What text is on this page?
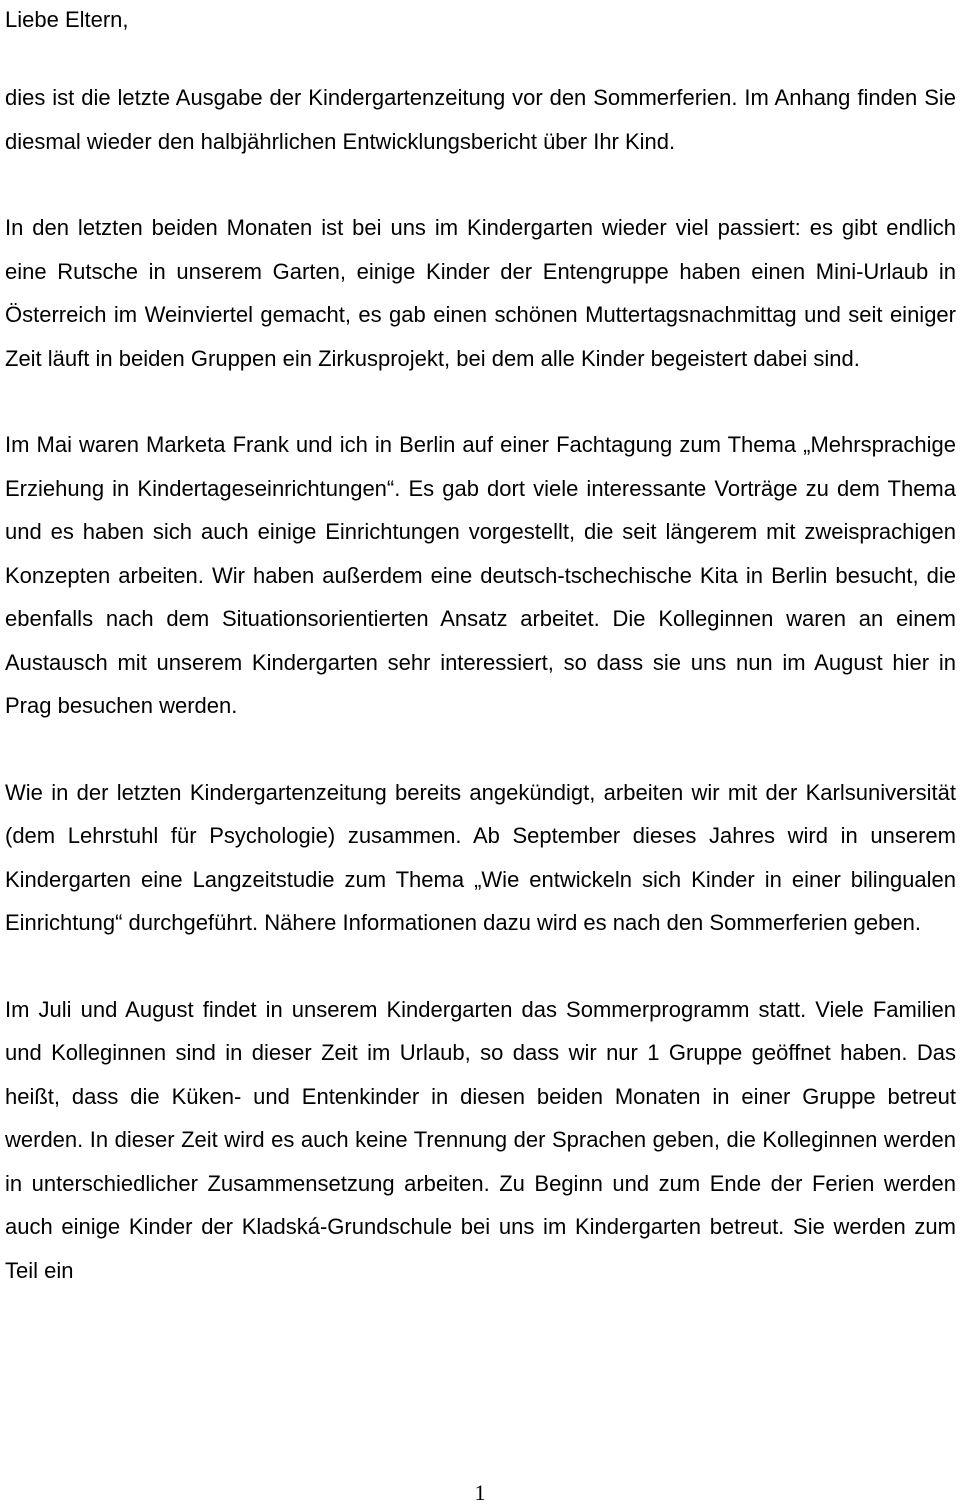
Liebe Eltern,

dies ist die letzte Ausgabe der Kindergartenzeitung vor den Sommerferien. Im Anhang finden Sie diesmal wieder den halbjährlichen Entwicklungsbericht über Ihr Kind.

In den letzten beiden Monaten ist bei uns im Kindergarten wieder viel passiert: es gibt endlich eine Rutsche in unserem Garten, einige Kinder der Entengruppe haben einen Mini-Urlaub in Österreich im Weinviertel gemacht, es gab einen schönen Muttertagsnachmittag und seit einiger Zeit läuft in beiden Gruppen ein Zirkusprojekt, bei dem alle Kinder begeistert dabei sind.

Im Mai waren Marketa Frank und ich in Berlin auf einer Fachtagung zum Thema „Mehrsprachige Erziehung in Kindertageseinrichtungen“. Es gab dort viele interessante Vorträge zu dem Thema und es haben sich auch einige Einrichtungen vorgestellt, die seit längerem mit zweisprachigen Konzepten arbeiten. Wir haben außerdem eine deutsch-tschechische Kita in Berlin besucht, die ebenfalls nach dem Situationsorientierten Ansatz arbeitet. Die Kolleginnen waren an einem Austausch mit unserem Kindergarten sehr interessiert, so dass sie uns nun im August hier in Prag besuchen werden.

Wie in der letzten Kindergartenzeitung bereits angekündigt, arbeiten wir mit der Karlsuniversität (dem Lehrstuhl für Psychologie) zusammen. Ab September dieses Jahres wird in unserem Kindergarten eine Langzeitstudie zum Thema „Wie entwickeln sich Kinder in einer bilingualen Einrichtung“ durchgeführt. Nähere Informationen dazu wird es nach den Sommerferien geben.

Im Juli und August findet in unserem Kindergarten das Sommerprogramm statt. Viele Familien und Kolleginnen sind in dieser Zeit im Urlaub, so dass wir nur 1 Gruppe geöffnet haben. Das heißt, dass die Küken- und Entenkinder in diesen beiden Monaten in einer Gruppe betreut werden. In dieser Zeit wird es auch keine Trennung der Sprachen geben, die Kolleginnen werden in unterschiedlicher Zusammensetzung arbeiten. Zu Beginn und zum Ende der Ferien werden auch einige Kinder der Kladská-Grundschule bei uns im Kindergarten betreut. Sie werden zum Teil ein

1
